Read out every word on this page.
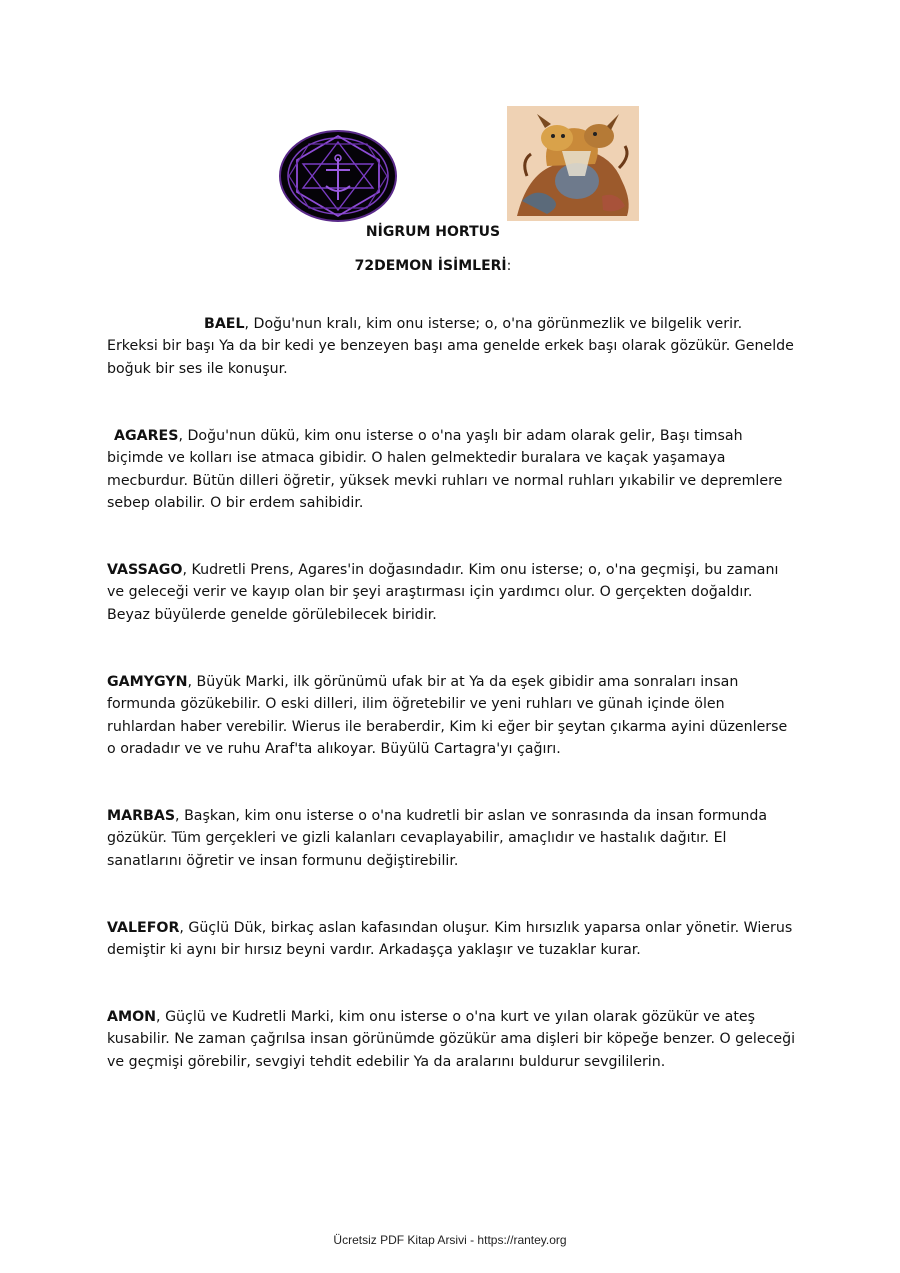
NİGRUM HORTUS
72DEMON İSİMLERİ:

BAEL, Doğu'nun kralı, kim onu isterse; o, o'na görünmezlik ve bilgelik verir. Erkeksi bir başı Ya da bir kedi ye benzeyen başı ama genelde erkek başı olarak gözükür. Genelde boğuk bir ses ile konuşur.

AGARES, Doğu'nun dükü, kim onu isterse o o'na yaşlı bir adam olarak gelir, Başı timsah biçimde ve kolları ise atmaca gibidir. O halen gelmektedir buralara ve kaçak yaşamaya mecburdur. Bütün dilleri öğretir, yüksek mevki ruhları ve normal ruhları yıkabilir ve depremlere sebep olabilir. O bir erdem sahibidir.

VASSAGO, Kudretli Prens, Agares'in doğasındadır. Kim onu isterse; o, o'na geçmişi, bu zamanı ve geleceği verir ve kayıp olan bir şeyi araştırması için yardımcı olur. O gerçekten doğaldır. Beyaz büyülerde genelde görülebilecek biridir.

GAMYGYN, Büyük Marki, ilk görünümü ufak bir at Ya da eşek gibidir ama sonraları insan formunda gözükebilir. O eski dilleri, ilim öğretebilir ve yeni ruhları ve günah içinde ölen ruhlardan haber verebilir. Wierus ile beraberdir, Kim ki eğer bir şeytan çıkarma ayini düzenlerse o oradadır ve ve ruhu Araf'ta alıkoyar. Büyülü Cartagra'yı çağırı.

MARBAS, Başkan, kim onu isterse o o'na kudretli bir aslan ve sonrasında da insan formunda gözükür. Tüm gerçekleri ve gizli kalanları cevaplayabilir, amaçlıdır ve hastalık dağıtır. El sanatlarını öğretir ve insan formunu değiştirebilir.

VALEFOR, Güçlü Dük, birkaç aslan kafasından oluşur. Kim hırsızlık yaparsa onlar yönetir. Wierus demiştir ki aynı bir hırsız beyni vardır. Arkadaşça yaklaşır ve tuzaklar kurar.

AMON, Güçlü ve Kudretli Marki, kim onu isterse o o'na kurt ve yılan olarak gözükür ve ateş kusabilir. Ne zaman çağrılsa insan görünümde gözükür ama dişleri bir köpeğe benzer. O geleceği ve geçmişi görebilir, sevgiyi tehdit edebilir Ya da aralarını buldurur sevgililerin.

Ücretsiz PDF Kitap Arsivi - https://rantey.org
